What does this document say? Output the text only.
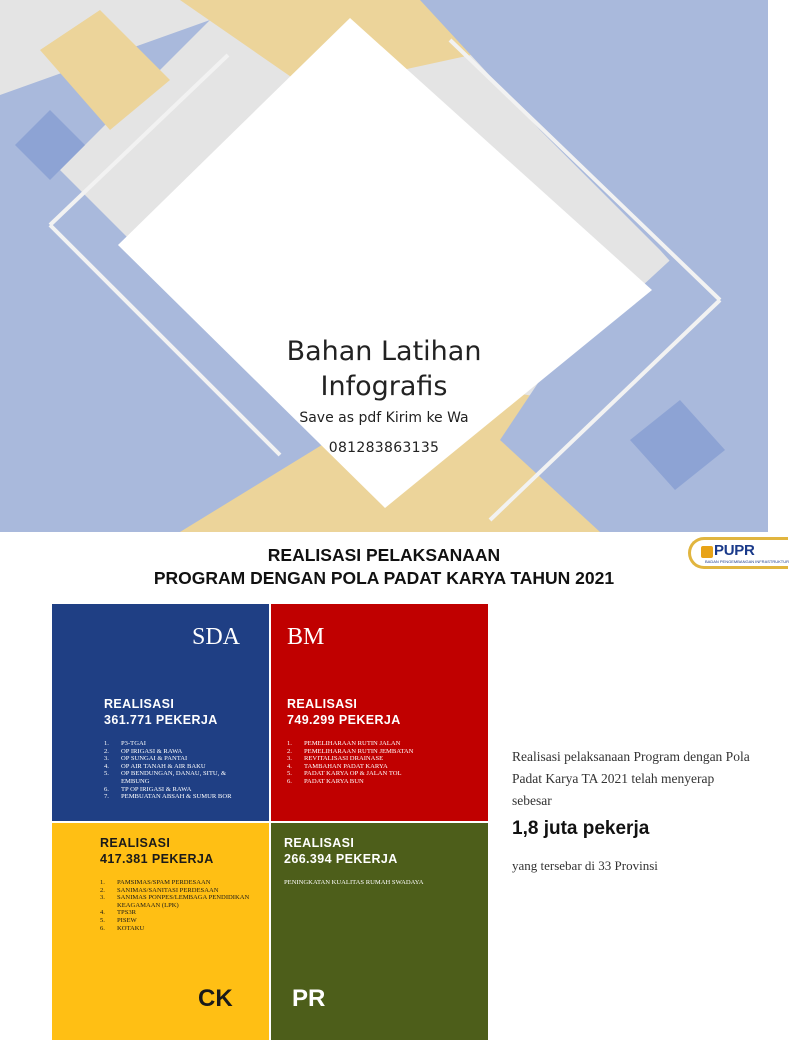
Bahan Latihan
Infografis
Save as pdf Kirim ke Wa
081283863135
REALISASI PELAKSANAAN
PROGRAM DENGAN POLA PADAT KARYA TAHUN 2021
PUPR
BADAN PENGEMBANGAN INFRASTRUKTUR
SDA
REALISASI
361.771 PEKERJA
1. P3-TGAI
2. OP IRIGASI & RAWA
3. OP SUNGAI & PANTAI
4. OP AIR TANAH & AIR BAKU
5. OP BENDUNGAN, DANAU, SITU, & EMBUNG
6. TP OP IRIGASI & RAWA
7. PEMBUATAN ABSAH & SUMUR BOR
BM
REALISASI
749.299 PEKERJA
1. PEMELIHARAAN RUTIN JALAN
2. PEMELIHARAAN RUTIN JEMBATAN
3. REVITALISASI DRAINASE
4. TAMBAHAN PADAT KARYA
5. PADAT KARYA OP & JALAN TOL
6. PADAT KARYA BUN
REALISASI
417.381 PEKERJA
1. PAMSIMAS/SPAM PERDESAAN
2. SANIMAS/SANITASI PERDESAAN
3. SANIMAS PONPES/LEMBAGA PENDIDIKAN KEAGAMAAN (LPK)
4. TPS3R
5. PISEW
6. KOTAKU
CK
REALISASI
266.394 PEKERJA
PENINGKATAN KUALITAS RUMAH SWADAYA
PR
Realisasi pelaksanaan Program dengan Pola Padat Karya TA 2021 telah menyerap sebesar
1,8 juta pekerja
yang tersebar di 33 Provinsi
